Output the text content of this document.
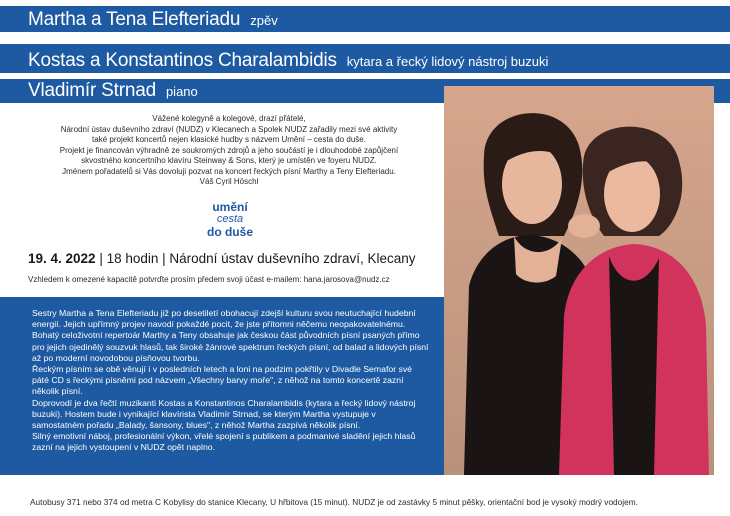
Martha a Tena Elefteriadu zpěv
Kostas a Konstantinos Charalambidis kytara a řecký lidový nástroj buzuki
Vladimír Strnad piano

Vážené kolegyně a kolegové, drazí přátelé,

Národní ústav duševního zdraví (NUDZ) v Klecanech a Spolek NUDZ zařadily mezi své aktivity

také projekt koncertů nejen klasické hudby s názvem Umění – cesta do duše.

Projekt je financován výhradně ze soukromých zdrojů a jeho součástí je i dlouhodobé zapůjčení

skvostného koncertního klavíru Steinway & Sons, který je umístěn ve foyeru NUDZ.

Jménem pořadatelů si Vás dovoluji pozvat na koncert řeckých písní Marthy a Teny Elefteriadu.

Váš Cyril Höschl

umění
cesta
do duše
19. 4. 2022 | 18 hodin | Národní ústav duševního zdraví, Klecany
Vzhledem k omezené kapacitě potvrďte prosím předem svoji účast e-mailem: hana.jarosova@nudz.cz

Sestry Martha a Tena Elefteriadu již po desetiletí obohacují zdejší kulturu svou neutuchající hudební energií. Jejich upřímný projev navodí pokaždé pocit, že jste přítomni něčemu neopakovatelnému.

Bohatý celoživotní repertoár Marthy a Teny obsahuje jak českou část původních písní psaných přímo pro jejich ojedinělý souzvuk hlasů, tak široké žánrové spektrum řeckých písní, od balad a lidových písní až po moderní novodobou písňovou tvorbu.

Řeckým písním se obě věnují i v posledních letech a loni na podzim pokřtily v Divadle Semafor své páté CD s řeckými písněmi pod názvem „Všechny barvy moře", z něhož na tomto koncertě zazní několik písní.

Doprovodí je dva řečtí muzikanti Kostas a Konstantinos Charalambidis (kytara a řecký lidový nástroj buzuki). Hostem bude i vynikající klavírista Vladimír Strnad, se kterým Martha vystupuje v samostatném pořadu „Balady, šansony, blues", z něhož Martha zazpívá několik písní.

Silný emotivní náboj, profesionální výkon, vřelé spojení s publikem a podmanivé sladění jejich hlasů zazní na jejich vystoupení v NUDZ opět naplno.

Autobusy 371 nebo 374 od metra C Kobylisy do stanice Klecany, U hřbitova (15 minut). NUDZ je od zastávky 5 minut pěšky, orientační bod je vysoký modrý vodojem.
